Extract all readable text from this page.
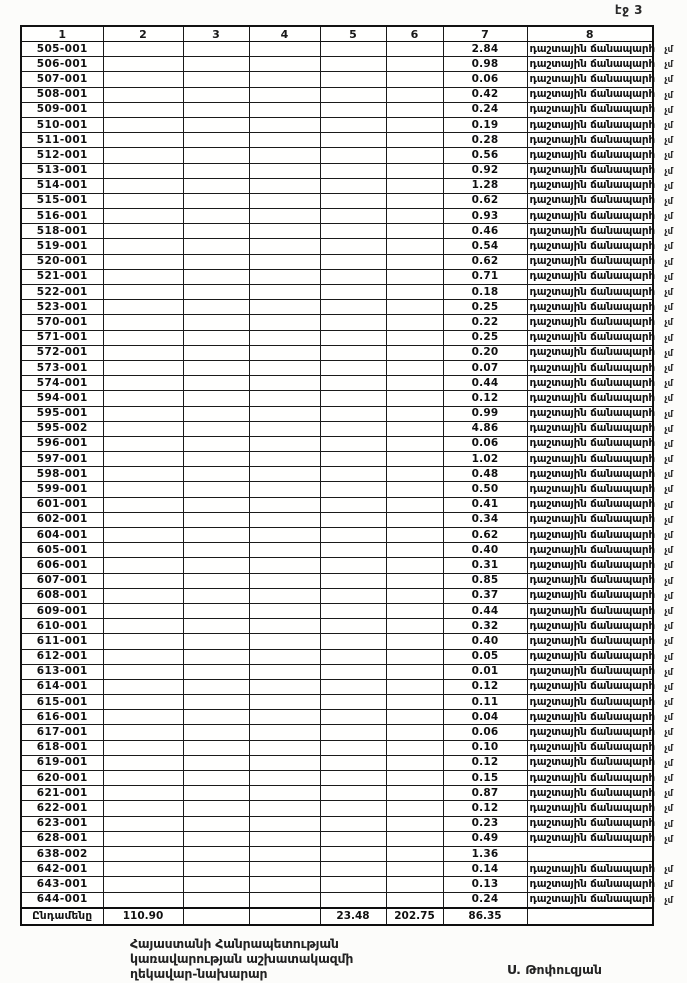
էջ 3
1	2	3	4	5	6	7	8
505-001						2.84	դաշտային ճանապարհ չմ

506-001						0.98	դաշտային ճանապարհ չմ

507-001						0.06	դաշտային ճանապարհ չմ

508-001						0.42	դաշտային ճանապարհ չմ

509-001						0.24	դաշտային ճանապարհ չմ

510-001						0.19	դաշտային ճանապարհ չմ

511-001						0.28	դաշտային ճանապարհ չմ

512-001						0.56	դաշտային ճանապարհ չմ

513-001						0.92	դաշտային ճանապարհ չմ

514-001						1.28	դաշտային ճանապարհ չմ

515-001						0.62	դաշտային ճանապարհ չմ

516-001						0.93	դաշտային ճանապարհ չմ

518-001						0.46	դաշտային ճանապարհ չմ

519-001						0.54	դաշտային ճանապարհ չմ

520-001						0.62	դաշտային ճանապարհ չմ

521-001						0.71	դաշտային ճանապարհ չմ

522-001						0.18	դաշտային ճանապարհ չմ

523-001						0.25	դաշտային ճանապարհ չմ

570-001						0.22	դաշտային ճանապարհ չմ

571-001						0.25	դաշտային ճանապարհ չմ

572-001						0.20	դաշտային ճանապարհ չմ

573-001						0.07	դաշտային ճանապարհ չմ

574-001						0.44	դաշտային ճանապարհ չմ

594-001						0.12	դաշտային ճանապարհ չմ

595-001						0.99	դաշտային ճանապարհ չմ

595-002						4.86	դաշտային ճանապարհ չմ

596-001						0.06	դաշտային ճանապարհ չմ

597-001						1.02	դաշտային ճանապարհ չմ

598-001						0.48	դաշտային ճանապարհ չմ

599-001						0.50	դաշտային ճանապարհ չմ

601-001						0.41	դաշտային ճանապարհ չմ

602-001						0.34	դաշտային ճանապարհ չմ

604-001						0.62	դաշտային ճանապարհ չմ

605-001						0.40	դաշտային ճանապարհ չմ

606-001						0.31	դաշտային ճանապարհ չմ

607-001						0.85	դաշտային ճանապարհ չմ

608-001						0.37	դաշտային ճանապարհ չմ

609-001						0.44	դաշտային ճանապարհ չմ

610-001						0.32	դաշտային ճանապարհ չմ

611-001						0.40	դաշտային ճանապարհ չմ

612-001						0.05	դաշտային ճանապարհ չմ

613-001						0.01	դաշտային ճանապարհ չմ

614-001						0.12	դաշտային ճանապարհ չմ

615-001						0.11	դաշտային ճանապարհ չմ

616-001						0.04	դաշտային ճանապարհ չմ

617-001						0.06	դաշտային ճանապարհ չմ

618-001						0.10	դաշտային ճանապարհ չմ

619-001						0.12	դաշտային ճանապարհ չմ

620-001						0.15	դաշտային ճանապարհ չմ

621-001						0.87	դաշտային ճանապարհ չմ

622-001						0.12	դաշտային ճանապարհ չմ

623-001						0.23	դաշտային ճանապարհ չմ

628-001						0.49	դաշտային ճանապարհ չմ

638-002						1.36	

642-001						0.14	դաշտային ճանապարհ չմ

643-001						0.13	դաշտային ճանապարհ չմ

644-001						0.24	դաշտային ճանապարհ չմ

Ընդամենը	110.90			23.48	202.75	86.35	
Հայաստանի Հանրապետության
կառավարության աշխատակազմի
ղեկավար-նախարար	Ս. Թոփուզյան
